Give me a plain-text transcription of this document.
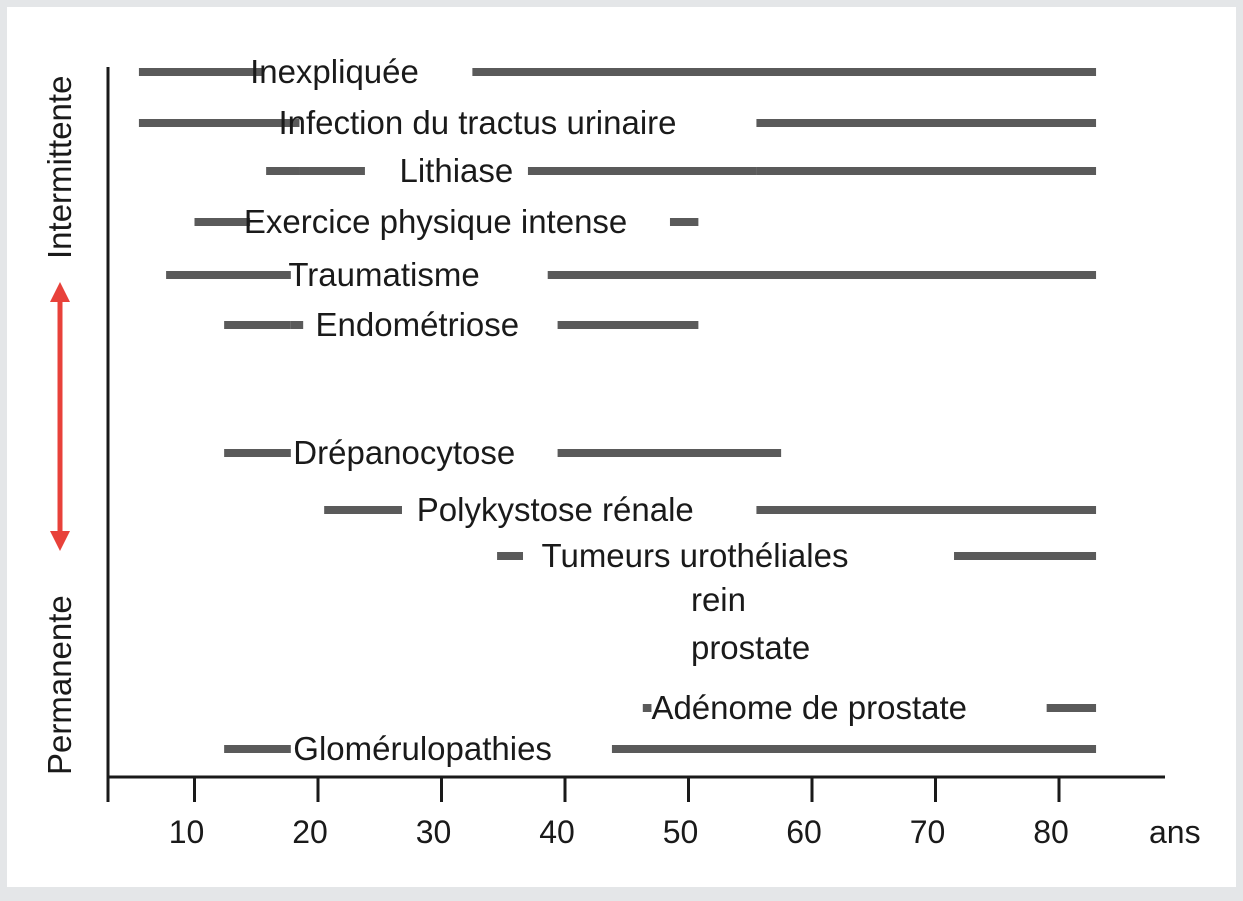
10	20	30	40	50	60	70	80
Inexpliquée
Infection du tractus urinaire
Lithiase
Exercice physique intense
Traumatisme
Endométriose
Drépanocytose
Polykystose rénale
Tumeurs urothéliales
rein
prostate
Adénome de prostate
Glomérulopathies
ans
Intermittente
Permanente
